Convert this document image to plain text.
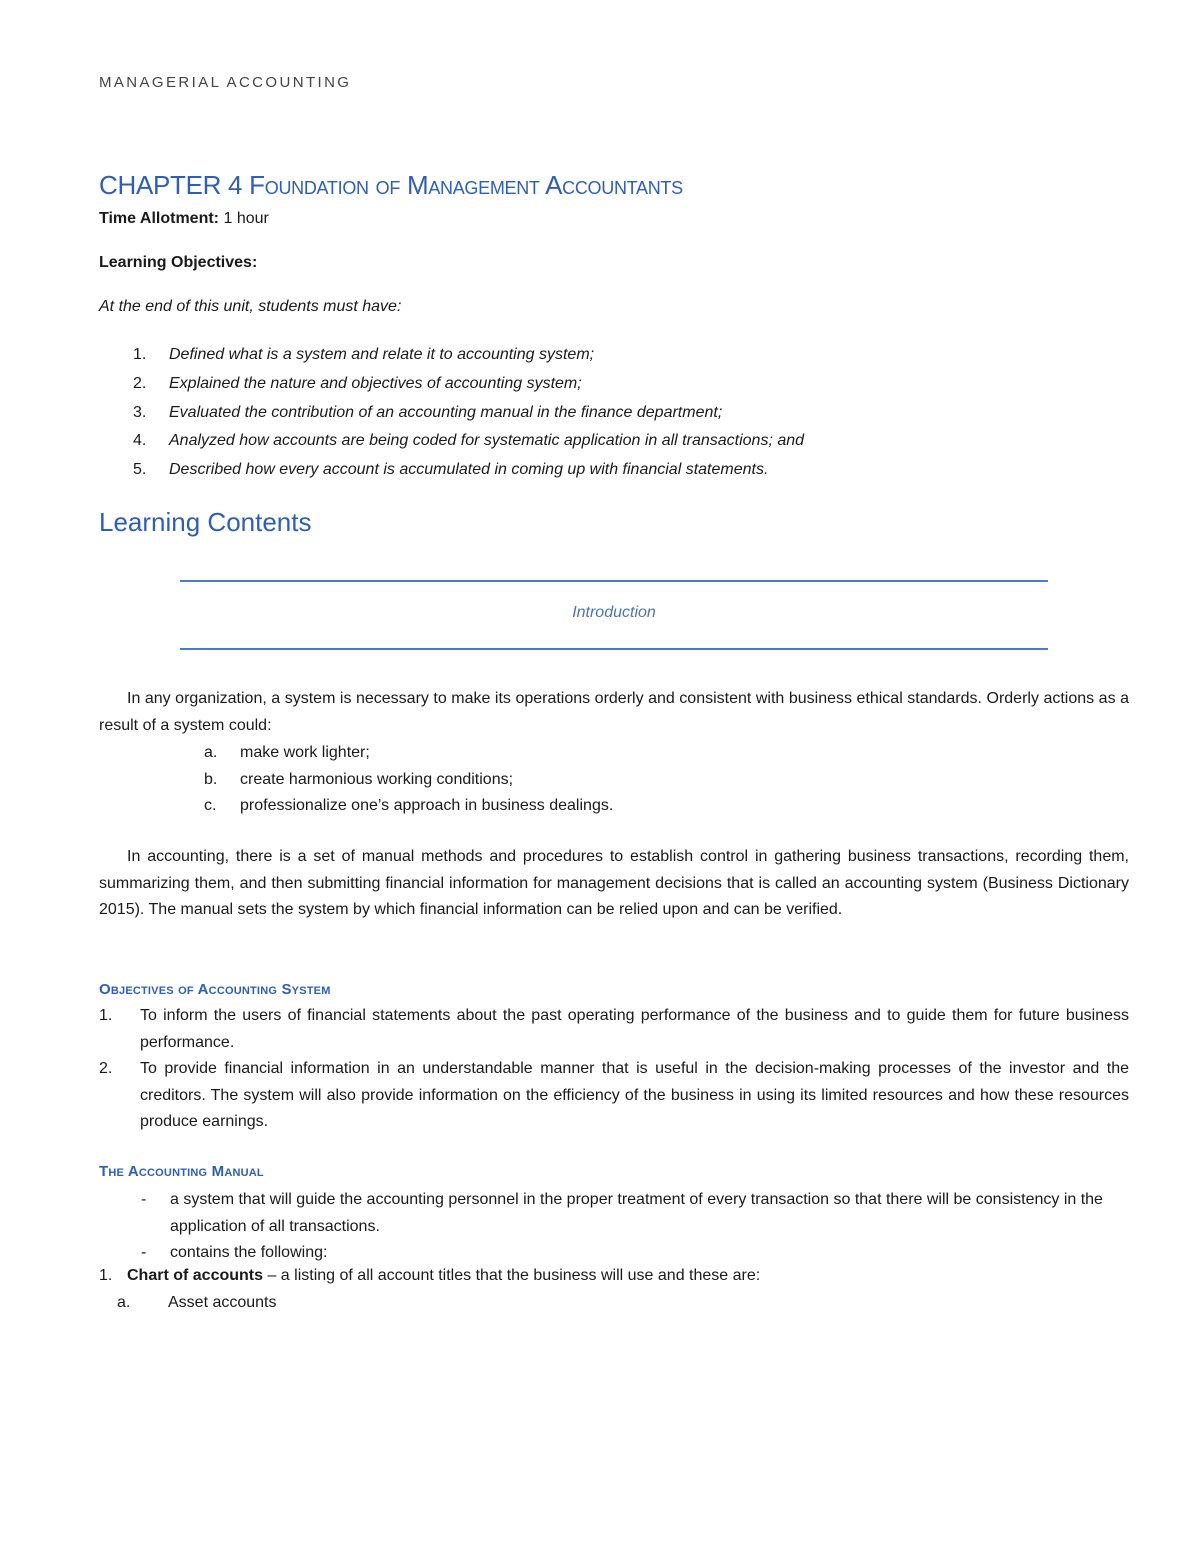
MANAGERIAL ACCOUNTING
CHAPTER 4 Foundation of Management Accountants
Time Allotment: 1 hour
Learning Objectives:
At the end of this unit, students must have:
1.	Defined what is a system and relate it to accounting system;
2.	Explained the nature and objectives of accounting system;
3.	Evaluated the contribution of an accounting manual in the finance department;
4.	Analyzed how accounts are being coded for systematic application in all transactions; and
5.	Described how every account is accumulated in coming up with financial statements.
Learning Contents
Introduction
In any organization, a system is necessary to make its operations orderly and consistent with business ethical standards. Orderly actions as a result of a system could:
a.	make work lighter;
b.	create harmonious working conditions;
c.	professionalize one’s approach in business dealings.
In accounting, there is a set of manual methods and procedures to establish control in gathering business transactions, recording them, summarizing them, and then submitting financial information for management decisions that is called an accounting system (Business Dictionary 2015). The manual sets the system by which financial information can be relied upon and can be verified.
Objectives of Accounting System
1.	To inform the users of financial statements about the past operating performance of the business and to guide them for future business performance.
2.	To provide financial information in an understandable manner that is useful in the decision-making processes of the investor and the creditors. The system will also provide information on the efficiency of the business in using its limited resources and how these resources produce earnings.
The Accounting Manual
-	a system that will guide the accounting personnel in the proper treatment of every transaction so that there will be consistency in the application of all transactions.
-	contains the following:
1. Chart of accounts – a listing of all account titles that the business will use and these are:
a.	Asset accounts
